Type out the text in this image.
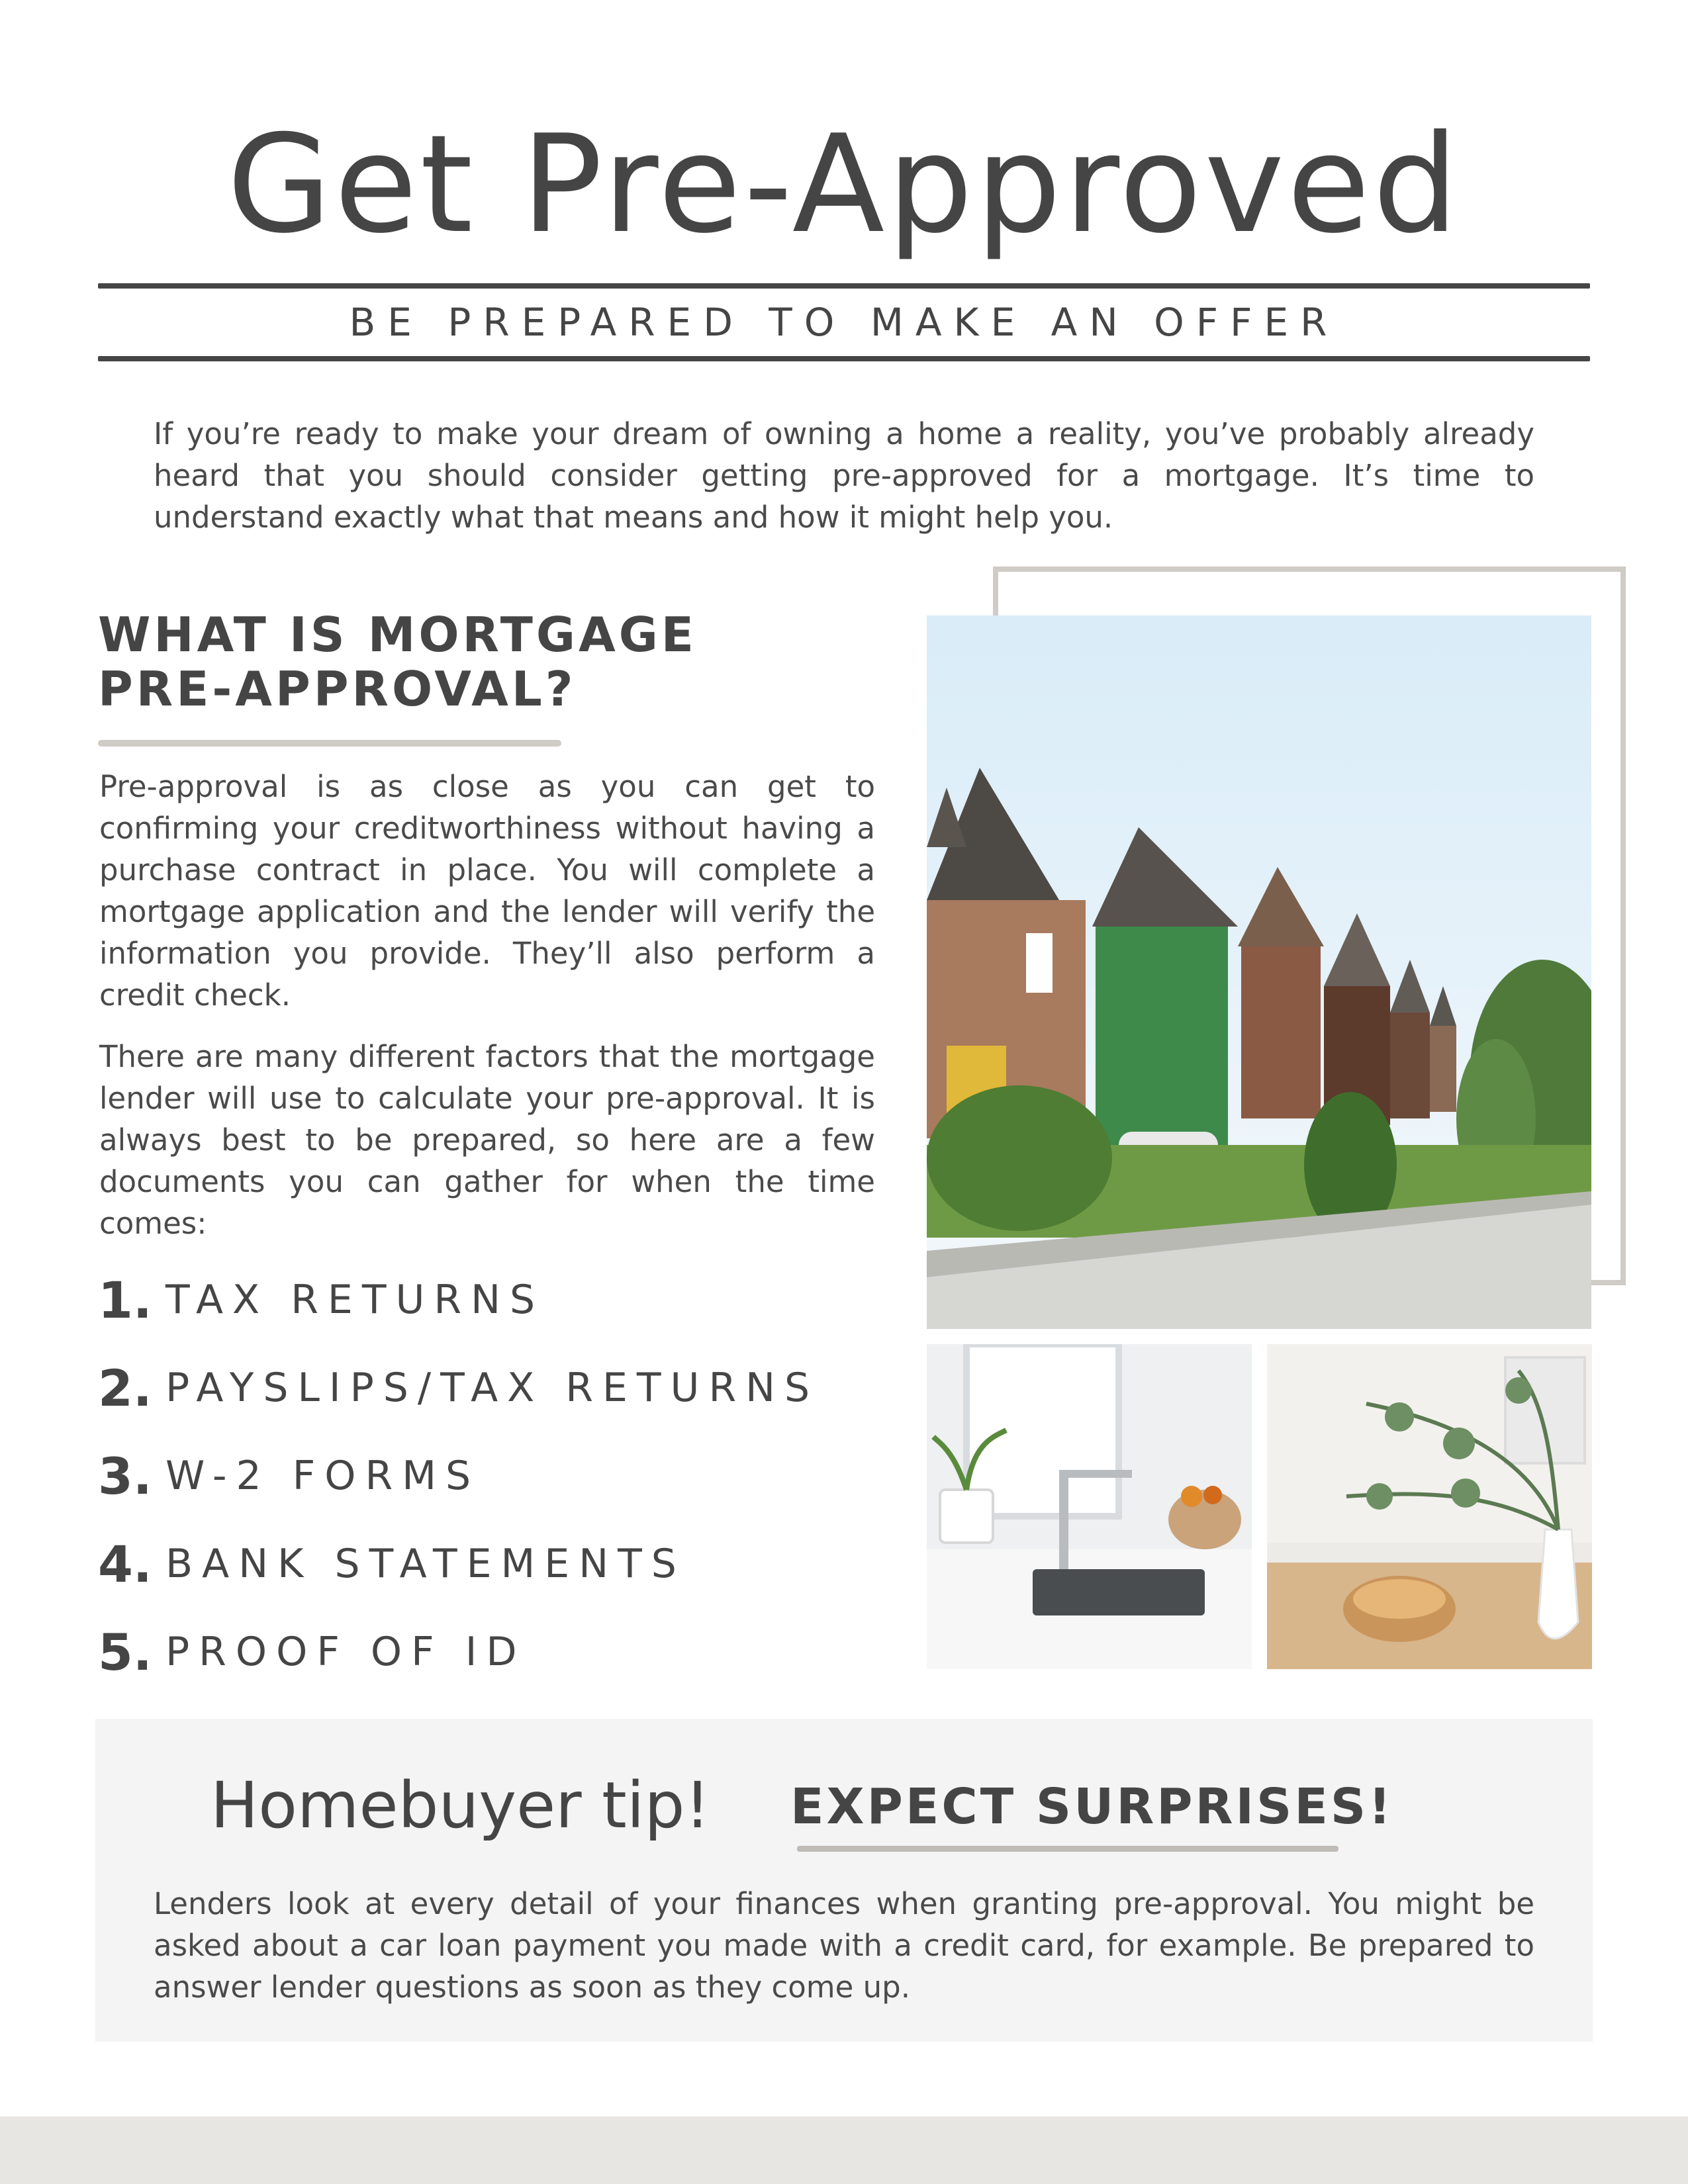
Get Pre-Approved
BE PREPARED TO MAKE AN OFFER
If you’re ready to make your dream of owning a home a reality, you’ve probably already heard that you should consider getting pre-approved for a mortgage. It’s time to understand exactly what that means and how it might help you.
WHAT IS MORTGAGE
PRE-APPROVAL?
Pre-approval is as close as you can get to confirming your creditworthiness without having a purchase contract in place. You will complete a mortgage application and the lender will verify the information you provide. They’ll also perform a credit check.
There are many different factors that the mortgage lender will use to calculate your pre-approval. It is always best to be prepared, so here are a few documents you can gather for when the time comes:
1. TAX RETURNS
2. PAYSLIPS/TAX RETURNS
3. W-2 FORMS
4. BANK STATEMENTS
5. PROOF OF ID
Homebuyer tip!	EXPECT SURPRISES!
Lenders look at every detail of your finances when granting pre-approval. You might be asked about a car loan payment you made with a credit card, for example. Be prepared to answer lender questions as soon as they come up.
